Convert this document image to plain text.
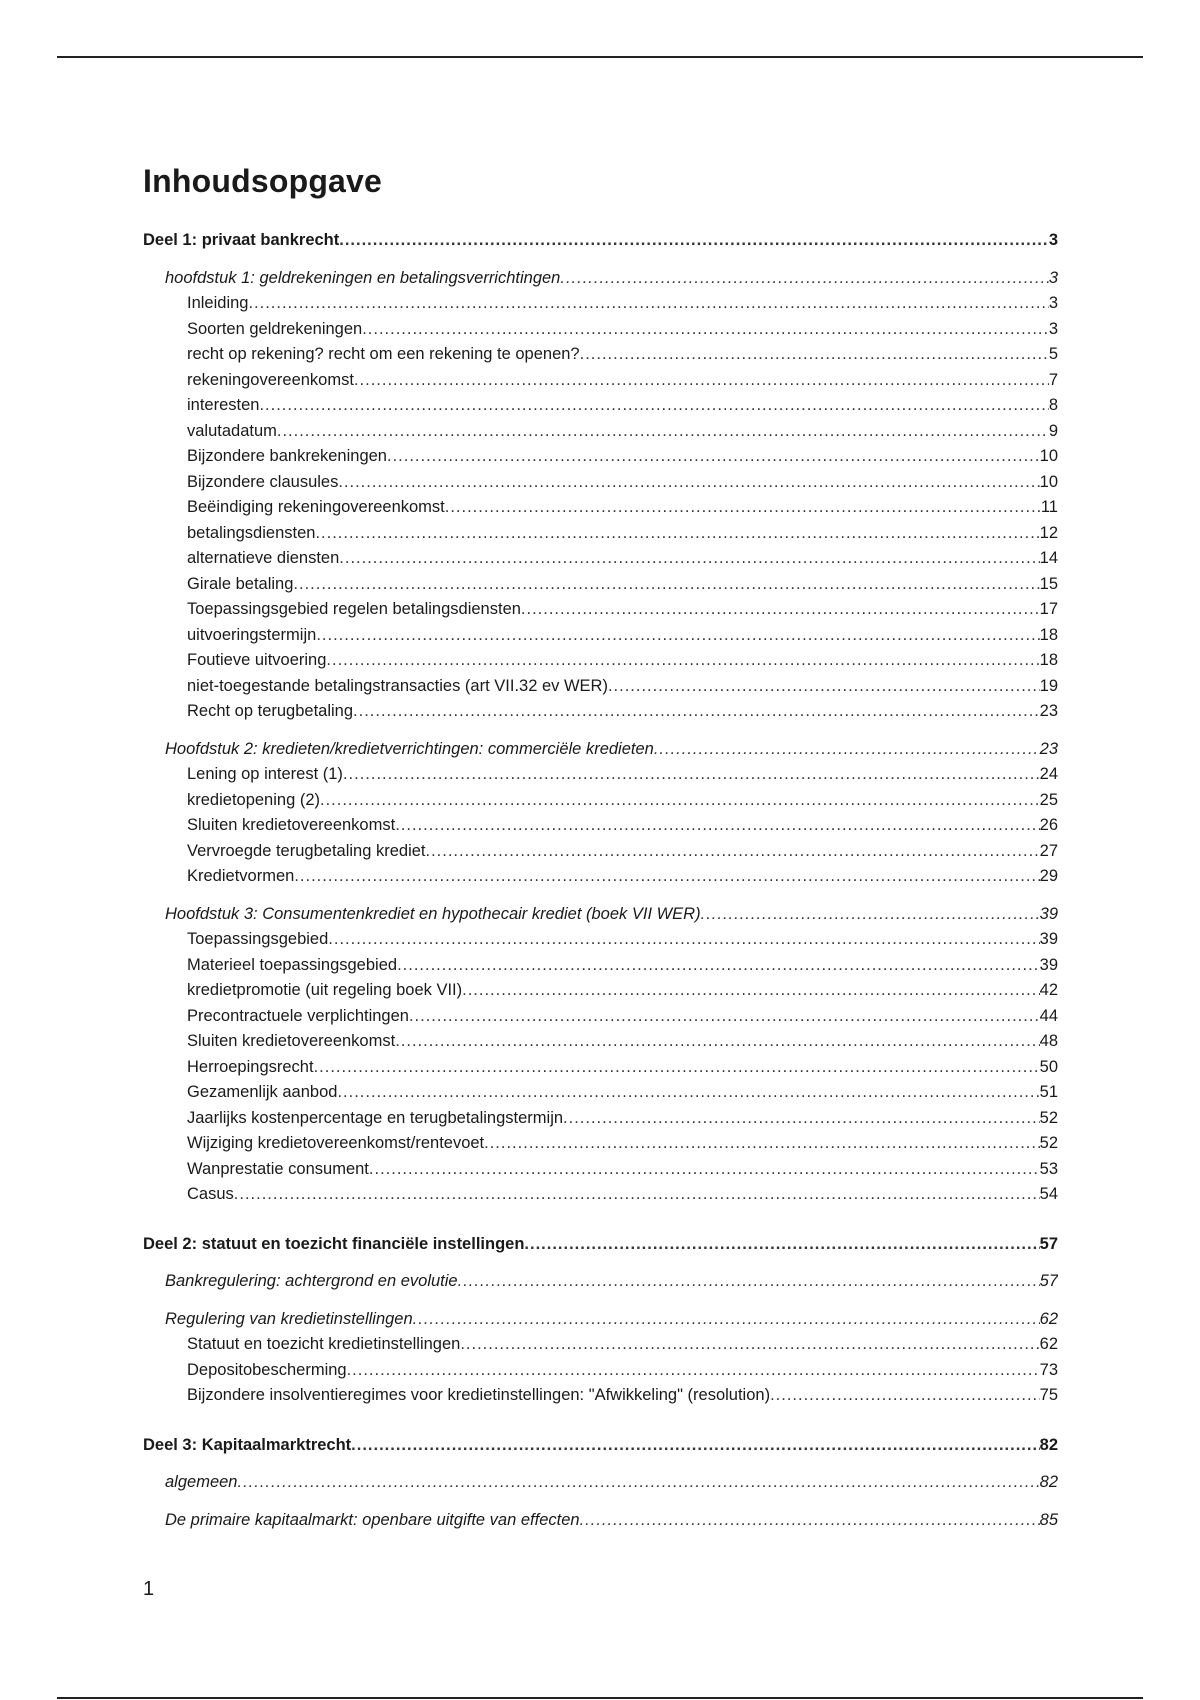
Inhoudsopgave
Deel 1: privaat bankrecht .....	3
hoofdstuk 1: geldrekeningen en betalingsverrichtingen .....	3
Inleiding .....	3
Soorten geldrekeningen .....	3
recht op rekening? recht om een rekening te openen? .....	5
rekeningovereenkomst .....	7
interesten .....	8
valutadatum .....	9
Bijzondere bankrekeningen .....	10
Bijzondere clausules .....	10
Beëindiging rekeningovereenkomst .....	11
betalingsdiensten .....	12
alternatieve diensten .....	14
Girale betaling .....	15
Toepassingsgebied regelen betalingsdiensten .....	17
uitvoeringstermijn .....	18
Foutieve uitvoering .....	18
niet-toegestande betalingstransacties (art VII.32 ev WER) .....	19
Recht op terugbetaling .....	23
Hoofdstuk 2: kredieten/kredietverrichtingen: commerciële kredieten .....	23
Lening op interest (1) .....	24
kredietopening (2) .....	25
Sluiten kredietovereenkomst .....	26
Vervroegde terugbetaling krediet .....	27
Kredietvormen .....	29
Hoofdstuk 3: Consumentenkrediet en hypothecair krediet (boek VII WER) .....	39
Toepassingsgebied .....	39
Materieel toepassingsgebied .....	39
kredietpromotie (uit regeling boek VII) .....	42
Precontractuele verplichtingen .....	44
Sluiten kredietovereenkomst .....	48
Herroepingsrecht .....	50
Gezamenlijk aanbod .....	51
Jaarlijks kostenpercentage en terugbetalingstermijn .....	52
Wijziging kredietovereenkomst/rentevoet .....	52
Wanprestatie consument .....	53
Casus .....	54
Deel 2: statuut en toezicht financiële instellingen .....	57
Bankregulering: achtergrond en evolutie .....	57
Regulering van kredietinstellingen .....	62
Statuut en toezicht kredietinstellingen .....	62
Depositobescherming .....	73
Bijzondere insolventieregimes voor kredietinstellingen: "Afwikkeling" (resolution) .....	75
Deel 3: Kapitaalmarktrecht .....	82
algemeen .....	82
De primaire kapitaalmarkt: openbare uitgifte van effecten .....	85
1
